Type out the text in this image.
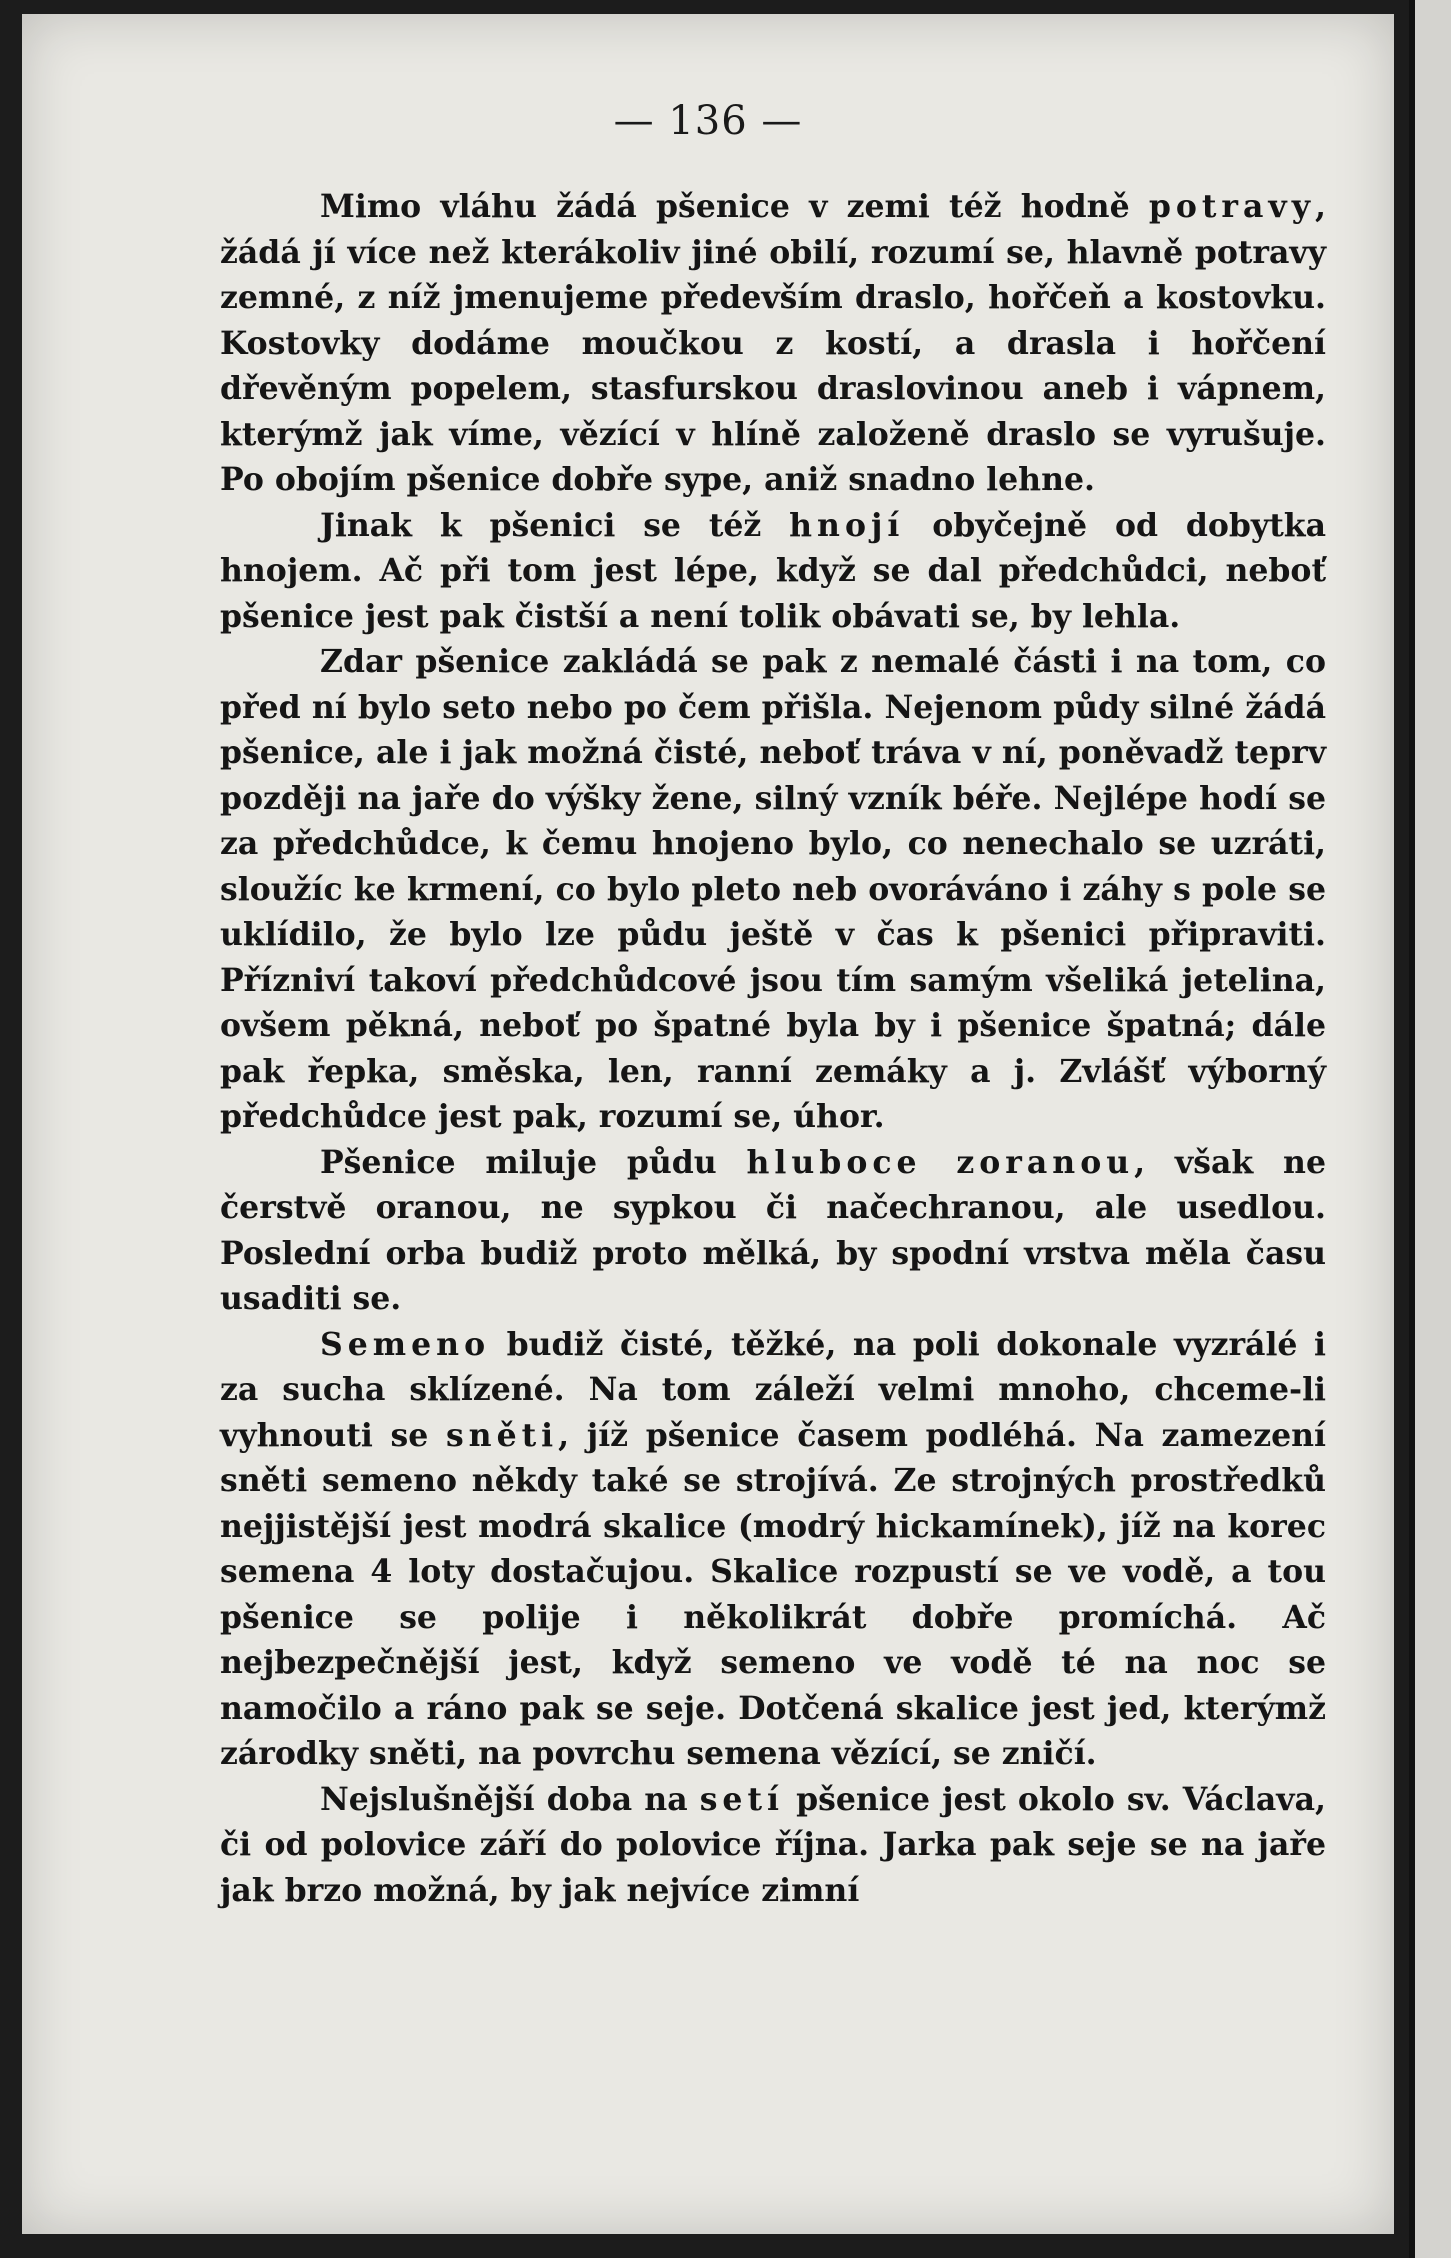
— 136 —

Mimo vláhu žádá pšenice v zemi též hodně potravy, žádá jí více než kterákoliv jiné obilí, rozumí se, hlavně potravy zemné, z níž jmenujeme především draslo, hořčeň a kostovku. Kostovky dodáme moučkou z kostí, a drasla i hořčení dřevěným popelem, stasfurskou draslovinou aneb i vápnem, kterýmž jak víme, vězící v hlíně založeně draslo se vyrušuje. Po obojím pšenice dobře sype, aniž snadno lehne.

Jinak k pšenici se též hnojí obyčejně od dobytka hnojem. Ač při tom jest lépe, když se dal předchůdci, neboť pšenice jest pak čistší a není tolik obávati se, by lehla.

Zdar pšenice zakládá se pak z nemalé části i na tom, co před ní bylo seto nebo po čem přišla. Nejenom půdy silné žádá pšenice, ale i jak možná čisté, neboť tráva v ní, poněvadž teprv později na jaře do výšky žene, silný vzník béře. Nejlépe hodí se za předchůdce, k čemu hnojeno bylo, co nenechalo se uzráti, sloužíc ke krmení, co bylo pleto neb ovoráváno i záhy s pole se uklídilo, že bylo lze půdu ještě v čas k pšenici připraviti. Přízniví takoví předchůdcové jsou tím samým všeliká jetelina, ovšem pěkná, neboť po špatné byla by i pšenice špatná; dále pak řepka, směska, len, ranní zemáky a j. Zvlášť výborný předchůdce jest pak, rozumí se, úhor.

Pšenice miluje půdu hluboce zoranou, však ne čerstvě oranou, ne sypkou či načechranou, ale usedlou. Poslední orba budiž proto mělká, by spodní vrstva měla času usaditi se.

Semeno budiž čisté, těžké, na poli dokonale vyzrálé i za sucha sklízené. Na tom záleží velmi mnoho, chceme-li vyhnouti se sněti, jíž pšenice časem podléhá. Na zamezení sněti semeno někdy také se strojívá. Ze strojných prostředků nejjistější jest modrá skalice (modrý hickamínek), jíž na korec semena 4 loty dostačujou. Skalice rozpustí se ve vodě, a tou pšenice se polije i několikrát dobře promíchá. Ač nejbezpečnější jest, když semeno ve vodě té na noc se namočilo a ráno pak se seje. Dotčená skalice jest jed, kterýmž zárodky sněti, na povrchu semena vězící, se zničí.

Nejslušnější doba na setí pšenice jest okolo sv. Václava, či od polovice září do polovice října. Jarka pak seje se na jaře jak brzo možná, by jak nejvíce zimní
